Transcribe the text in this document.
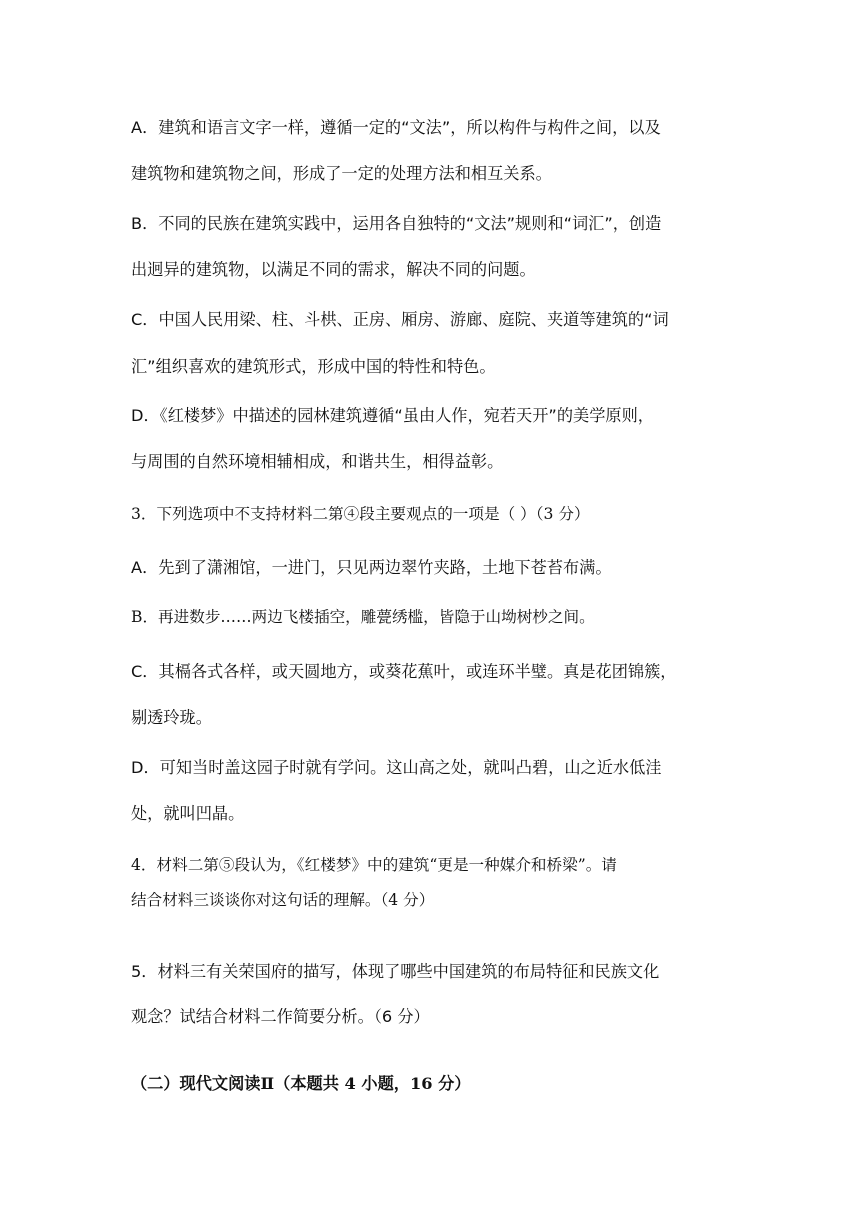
A．建筑和语言文字一样，遵循一定的“文法”，所以构件与构件之间，以及
建筑物和建筑物之间，形成了一定的处理方法和相互关系。
B．不同的民族在建筑实践中，运用各自独特的“文法”规则和“词汇”，创造
出迥异的建筑物，以满足不同的需求，解决不同的问题。
C．中国人民用梁、柱、斗栱、正房、厢房、游廊、庭院、夹道等建筑的“词
汇”组织喜欢的建筑形式，形成中国的特性和特色。
D．《红楼梦》中描述的园林建筑遵循“虽由人作，宛若天开”的美学原则，
与周围的自然环境相辅相成，和谐共生，相得益彰。
3．下列选项中不支持材料二第④段主要观点的一项是（ ）（3 分）
A．先到了潇湘馆，一进门，只见两边翠竹夹路，土地下苍苔布满。
B．再进数步……两边飞楼插空，雕甍绣槛，皆隐于山坳树杪之间。
C．其槅各式各样，或天圆地方，或葵花蕉叶，或连环半璧。真是花团锦簇，
剔透玲珑。
D．可知当时盖这园子时就有学问。这山高之处，就叫凸碧，山之近水低洼
处，就叫凹晶。
4．材料二第⑤段认为，《红楼梦》中的建筑“更是一种媒介和桥梁”。请
结合材料三谈谈你对这句话的理解。（4 分）
5．材料三有关荣国府的描写，体现了哪些中国建筑的布局特征和民族文化
观念？试结合材料二作简要分析。（6 分）
（二）现代文阅读Ⅱ（本题共 4 小题，16 分）
